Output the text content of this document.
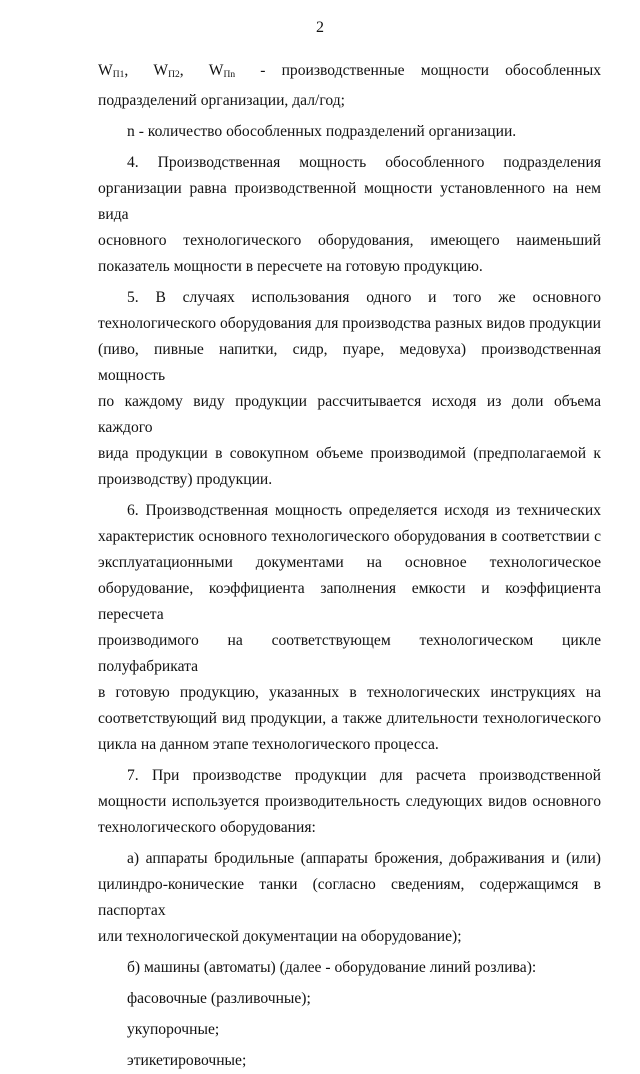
2
$W_{П1}$, $W_{П2}$, $W_{Пn}$ - производственные мощности обособленных
подразделений организации, дал/год;
n - количество обособленных подразделений организации.
4. Производственная мощность обособленного подразделения
организации равна производственной мощности установленного на нем вида
основного технологического оборудования, имеющего наименьший
показатель мощности в пересчете на готовую продукцию.
5. В случаях использования одного и того же основного
технологического оборудования для производства разных видов продукции
(пиво, пивные напитки, сидр, пуаре, медовуха) производственная мощность
по каждому виду продукции рассчитывается исходя из доли объема каждого
вида продукции в совокупном объеме производимой (предполагаемой к
производству) продукции.
6. Производственная мощность определяется исходя из технических
характеристик основного технологического оборудования в соответствии с
эксплуатационными документами на основное технологическое
оборудование, коэффициента заполнения емкости и коэффициента пересчета
производимого на соответствующем технологическом цикле полуфабриката
в готовую продукцию, указанных в технологических инструкциях на
соответствующий вид продукции, а также длительности технологического
цикла на данном этапе технологического процесса.
7. При производстве продукции для расчета производственной
мощности используется производительность следующих видов основного
технологического оборудования:
а) аппараты бродильные (аппараты брожения, дображивания и (или)
цилиндро-конические танки (согласно сведениям, содержащимся в паспортах
или технологической документации на оборудование);
б) машины (автоматы) (далее - оборудование линий розлива):
фасовочные (разливочные);
укупорочные;
этикетировочные;
